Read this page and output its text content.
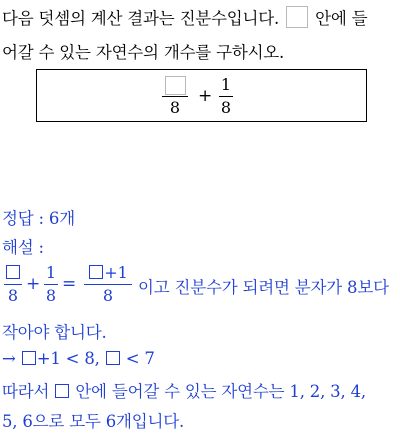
다음 덧셈의 계산 결과는 진분수입니다. 안에 들
어갈 수 있는 자연수의 개수를 구하시오.
8
+
1
8
정답 : 6개
해설 :
8
+
1
8
=
+1
8	이고 진분수가 되려면 분자가 8보다
작아야 합니다.
→ +1 < 8, < 7
따라서 안에 들어갈 수 있는 자연수는 1, 2, 3, 4,
5, 6으로 모두 6개입니다.
